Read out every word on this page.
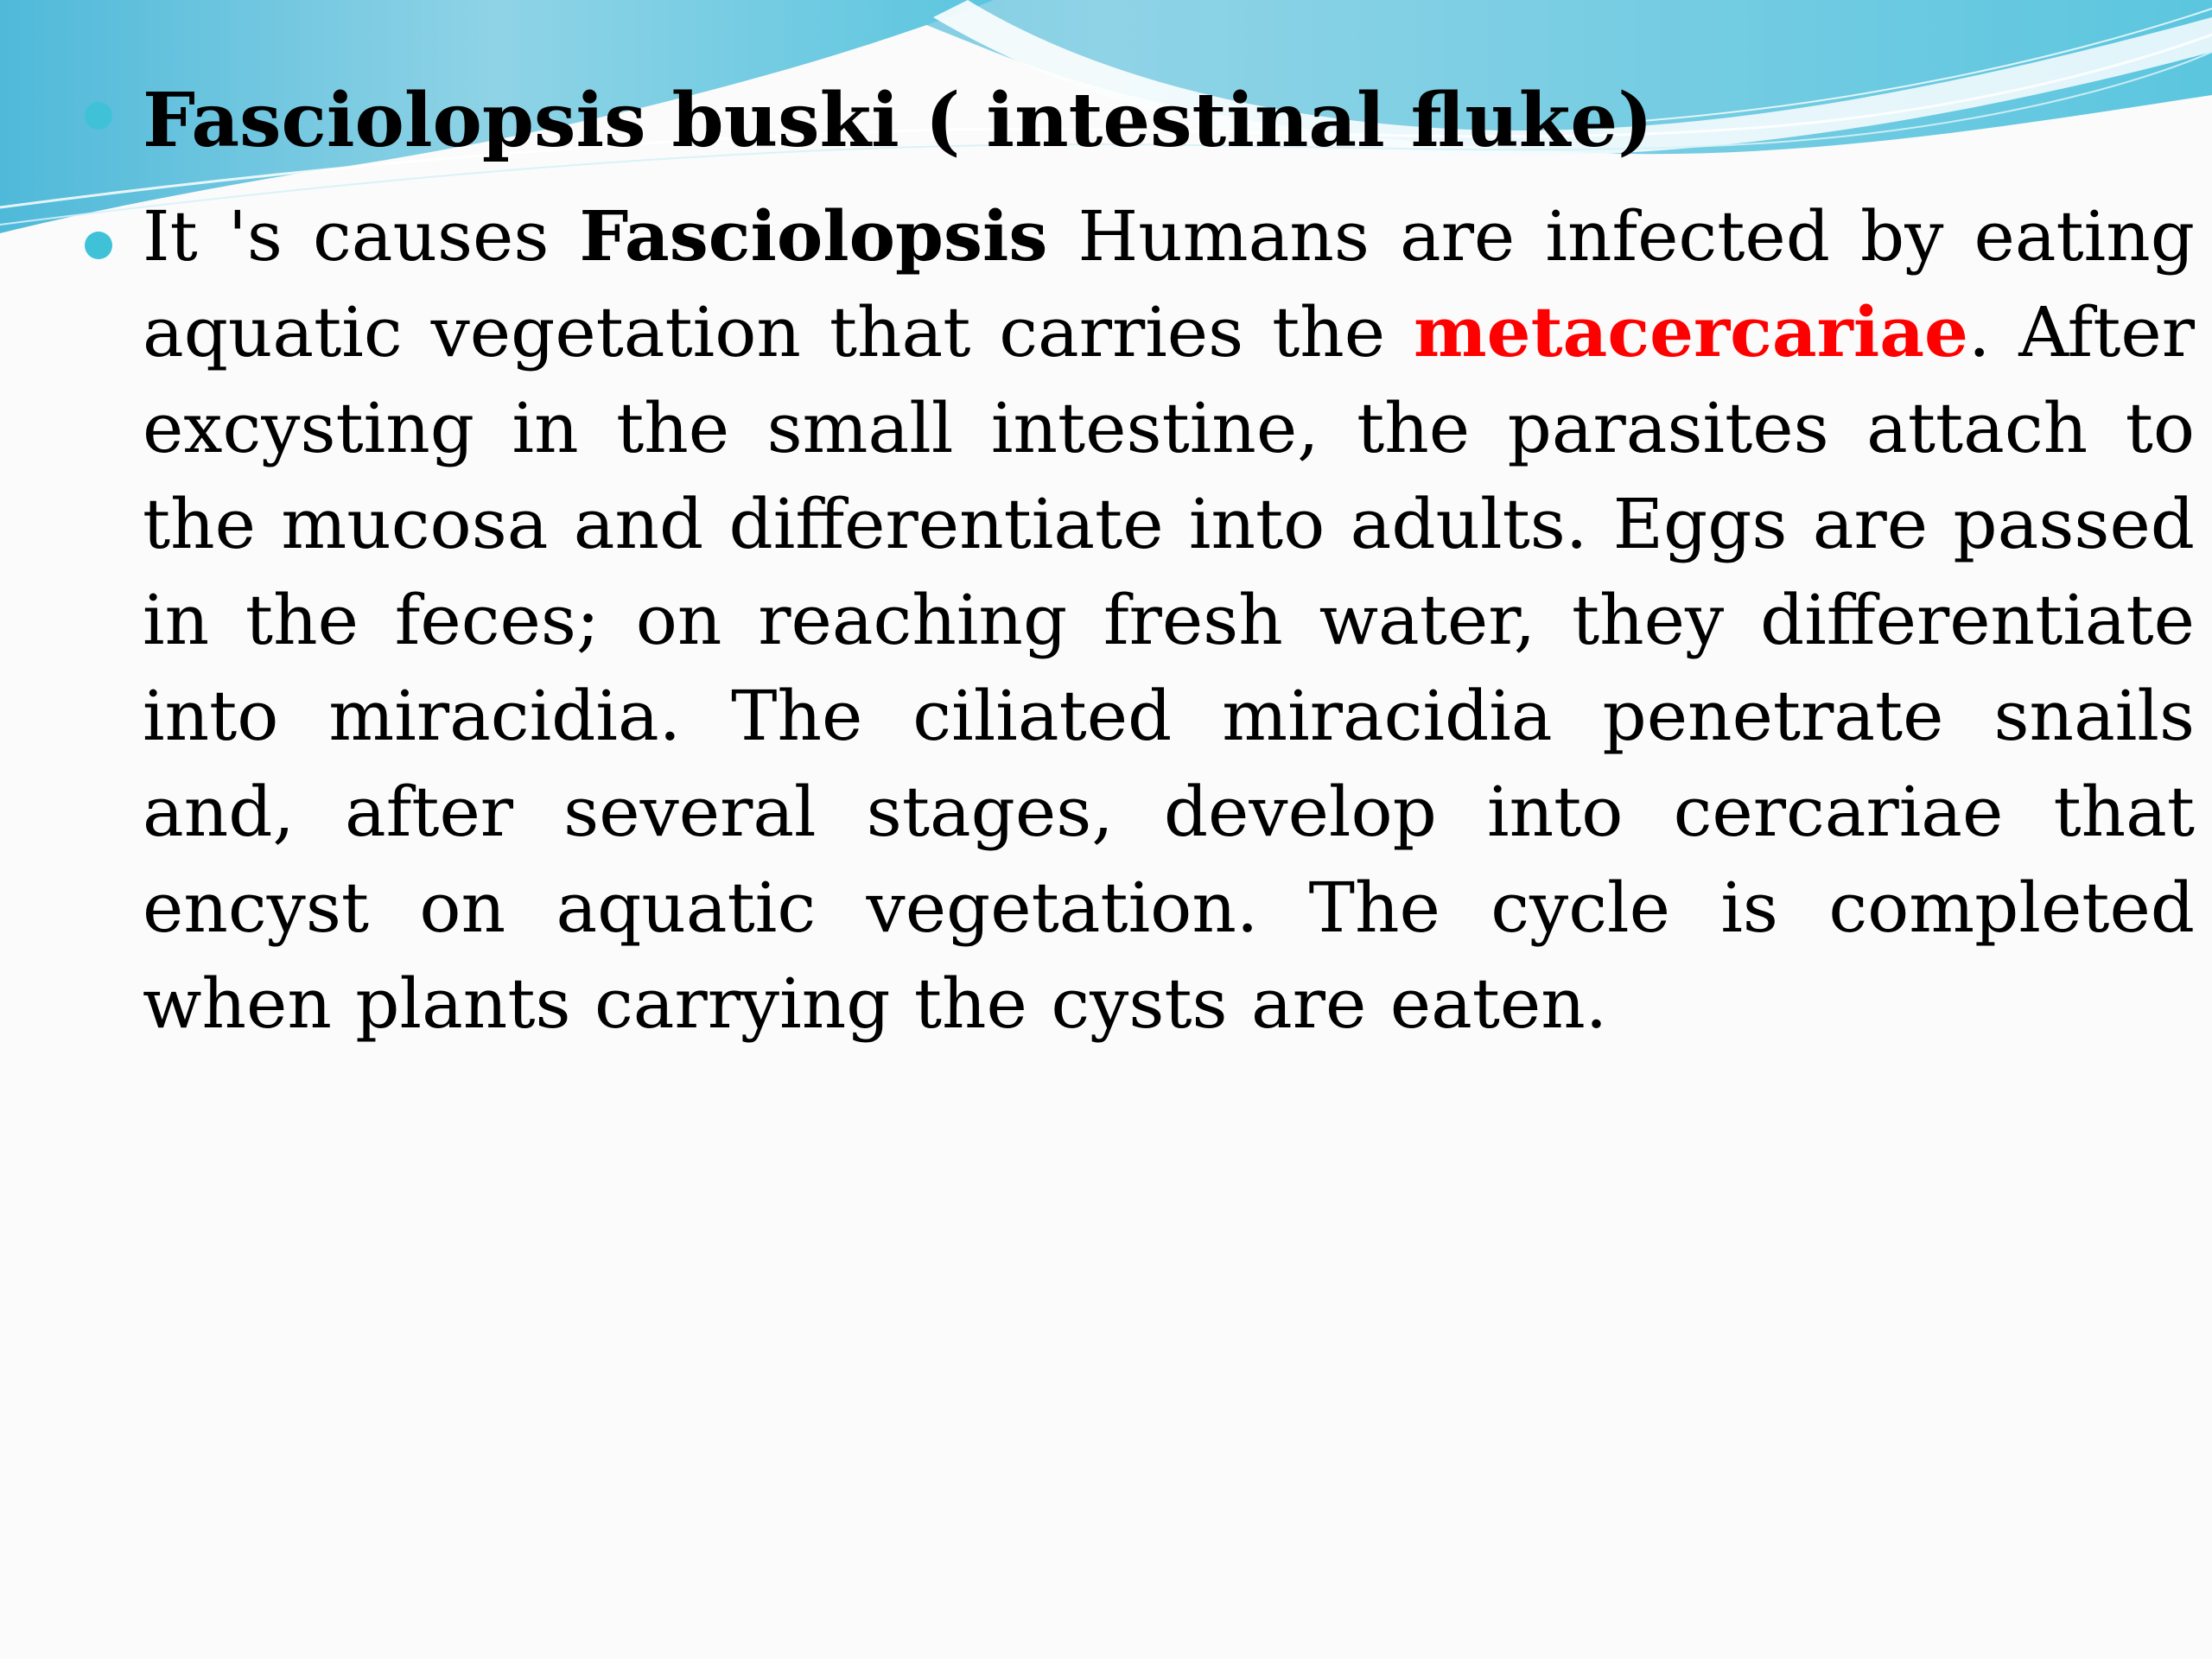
Fasciolopsis buski ( intestinal fluke)
It 's causes Fasciolopsis Humans are infected by eating aquatic vegetation that carries the metacercariae. After excysting in the small intestine, the parasites attach to the mucosa and differentiate into adults. Eggs are passed in the feces; on reaching fresh water, they differentiate into miracidia. The ciliated miracidia penetrate snails and, after several stages, develop into cercariae that encyst on aquatic vegetation. The cycle is completed when plants carrying the cysts are eaten.
